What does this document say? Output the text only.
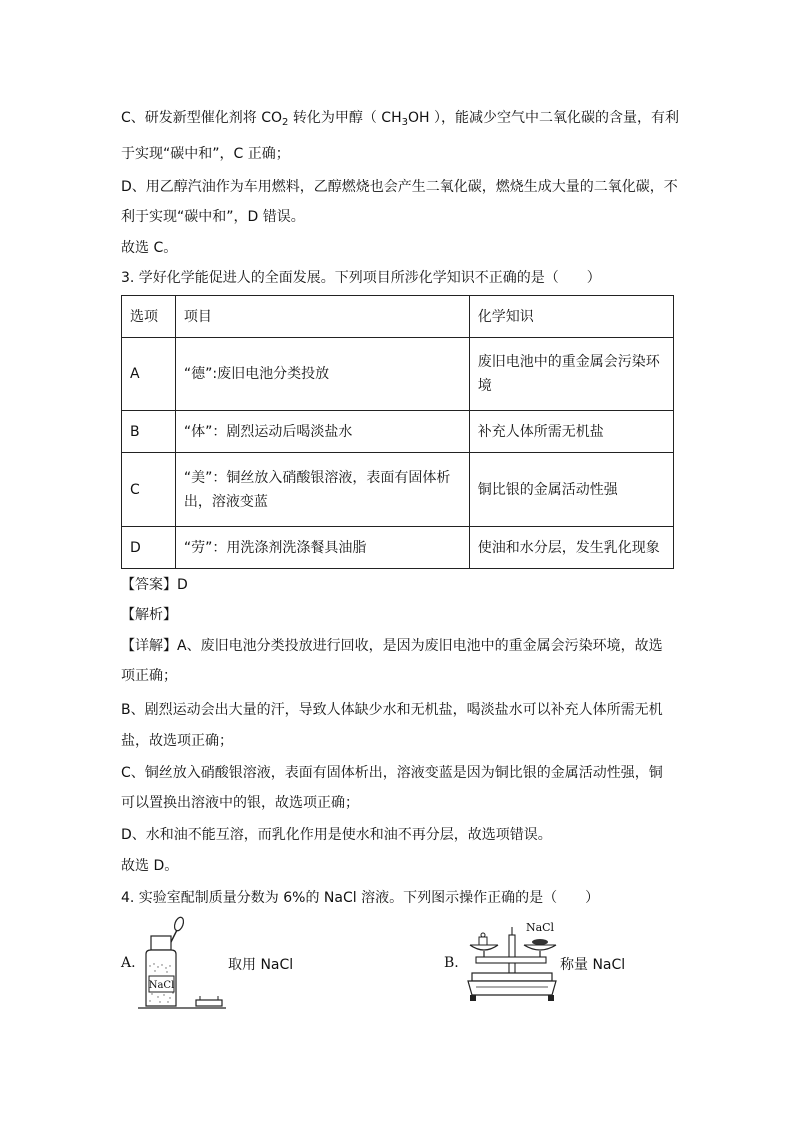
C、研发新型催化剂将 $CO_2$ 转化为甲醇（ $CH_3OH$ ），能减少空气中二氧化碳的含量，有利
于实现“碳中和”，C 正确；
D、用乙醇汽油作为车用燃料，乙醇燃烧也会产生二氧化碳，燃烧生成大量的二氧化碳，不
利于实现“碳中和”，D 错误。
故选 C。
3. 学好化学能促进人的全面发展。下列项目所涉化学知识不正确的是（　　）
选项	项目	化学知识
A	“德”:废旧电池分类投放	废旧电池中的重金属会污染环
境

B	“体”：剧烈运动后喝淡盐水	补充人体所需无机盐
C	“美”：铜丝放入硝酸银溶液，表面有固体析
出，溶液变蓝	铜比银的金属活动性强
D	“劳”：用洗涤剂洗涤餐具油脂	使油和水分层，发生乳化现象
【答案】D
【解析】
【详解】A、废旧电池分类投放进行回收，是因为废旧电池中的重金属会污染环境，故选
项正确；
B、剧烈运动会出大量的汗，导致人体缺少水和无机盐，喝淡盐水可以补充人体所需无机
盐，故选项正确；
C、铜丝放入硝酸银溶液，表面有固体析出，溶液变蓝是因为铜比银的金属活动性强，铜
可以置换出溶液中的银，故选项正确；
D、水和油不能互溶，而乳化作用是使水和油不再分层，故选项错误。
故选 D。
4. 实验室配制质量分数为 6%的 NaCl 溶液。下列图示操作正确的是（　　）
A.
NaCl
取用 NaCl	B.
NaCl
称量 NaCl
